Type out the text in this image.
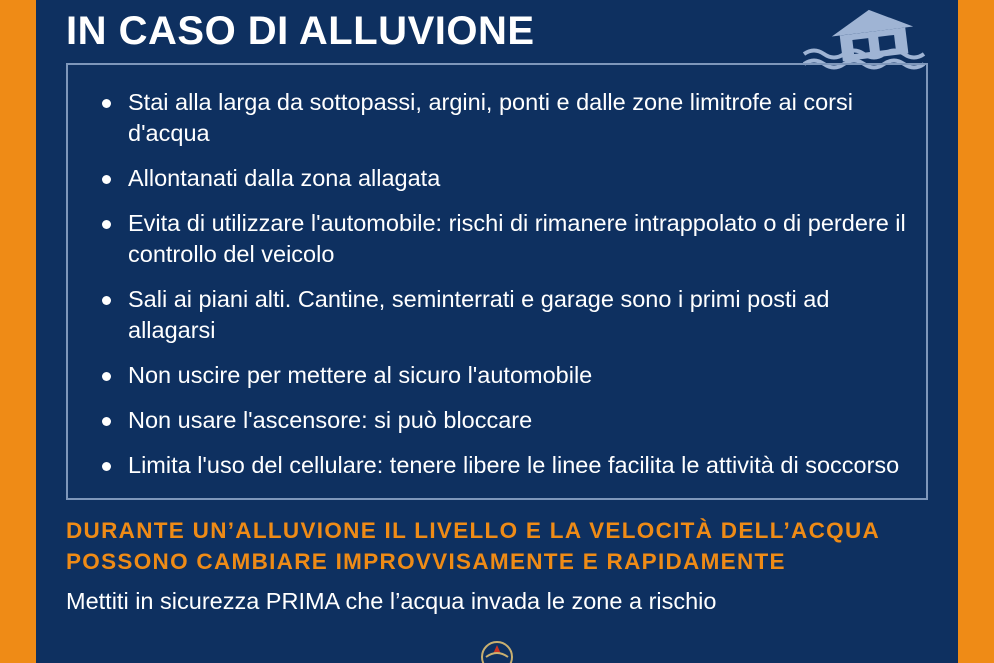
IN CASO DI ALLUVIONE
Stai alla larga da sottopassi, argini, ponti e dalle zone limitrofe ai corsi d'acqua
Allontanati dalla zona allagata
Evita di utilizzare l'automobile: rischi di rimanere intrappolato o di perdere il controllo del veicolo
Sali ai piani alti. Cantine, seminterrati e garage sono i primi posti ad allagarsi
Non uscire per mettere al sicuro l'automobile
Non usare l'ascensore: si può bloccare
Limita l'uso del cellulare: tenere libere le linee facilita le attività di soccorso
DURANTE UN’ALLUVIONE IL LIVELLO E LA VELOCITÀ DELL’ACQUA POSSONO CAMBIARE IMPROVVISAMENTE E RAPIDAMENTE
Mettiti in sicurezza PRIMA che l’acqua invada le zone a rischio
